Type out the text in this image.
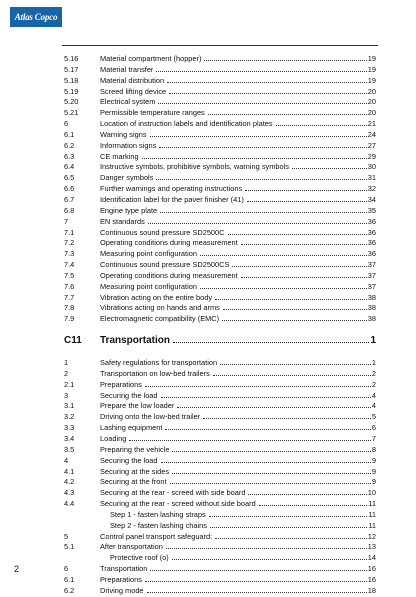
Atlas Copco
5.16	Material compartment (hopper)	19
5.17	Material transfer	19
5.18	Material distribution	19
5.19	Screed lifting device	20
5.20	Electrical system	20
5.21	Permissible temperature ranges	20
6	Location of instruction labels and identification plates	21
6.1	Warning signs	24
6.2	Information signs	27
6.3	CE marking	29
6.4	Instructive symbols, prohibitive symbols, warning symbols	30
6.5	Danger symbols	31
6.6	Further warnings and operating instructions	32
6.7	Identification label for the paver finisher (41)	34
6.8	Engine type plate	35
7	EN standards	36
7.1	Continuous sound pressure SD2500C	36
7.2	Operating conditions during measurement	36
7.3	Measuring point configuration	36
7.4	Continuous sound pressure SD2500CS	37
7.5	Operating conditions during measurement	37
7.6	Measuring point configuration	37
7.7	Vibration acting on the entire body	38
7.8	Vibrations acting on hands and arms	38
7.9	Electromagnetic compatibility (EMC)	38
C11	Transportation	1
1	Safety regulations for transportation	1
2	Transportation on low-bed trailers	2
2.1	Preparations	2
3	Securing the load	4
3.1	Prepare the low loader	4
3.2	Driving onto the low-bed trailer	5
3.3	Lashing equipment	6
3.4	Loading	7
3.5	Preparing the vehicle	8
4	Securing the load	9
4.1	Securing at the sides	9
4.2	Securing at the front	9
4.3	Securing at the rear - screed with side board	10
4.4	Securing at the rear - screed without side board	11
Step 1 - fasten lashing straps	11
Step 2 - fasten lashing chains	11
5	Control panel transport safeguard:	12
5.1	After transportation	13
Protective roof (o)	14
6	Transportation	16
6.1	Preparations	16
6.2	Driving mode	18
2
